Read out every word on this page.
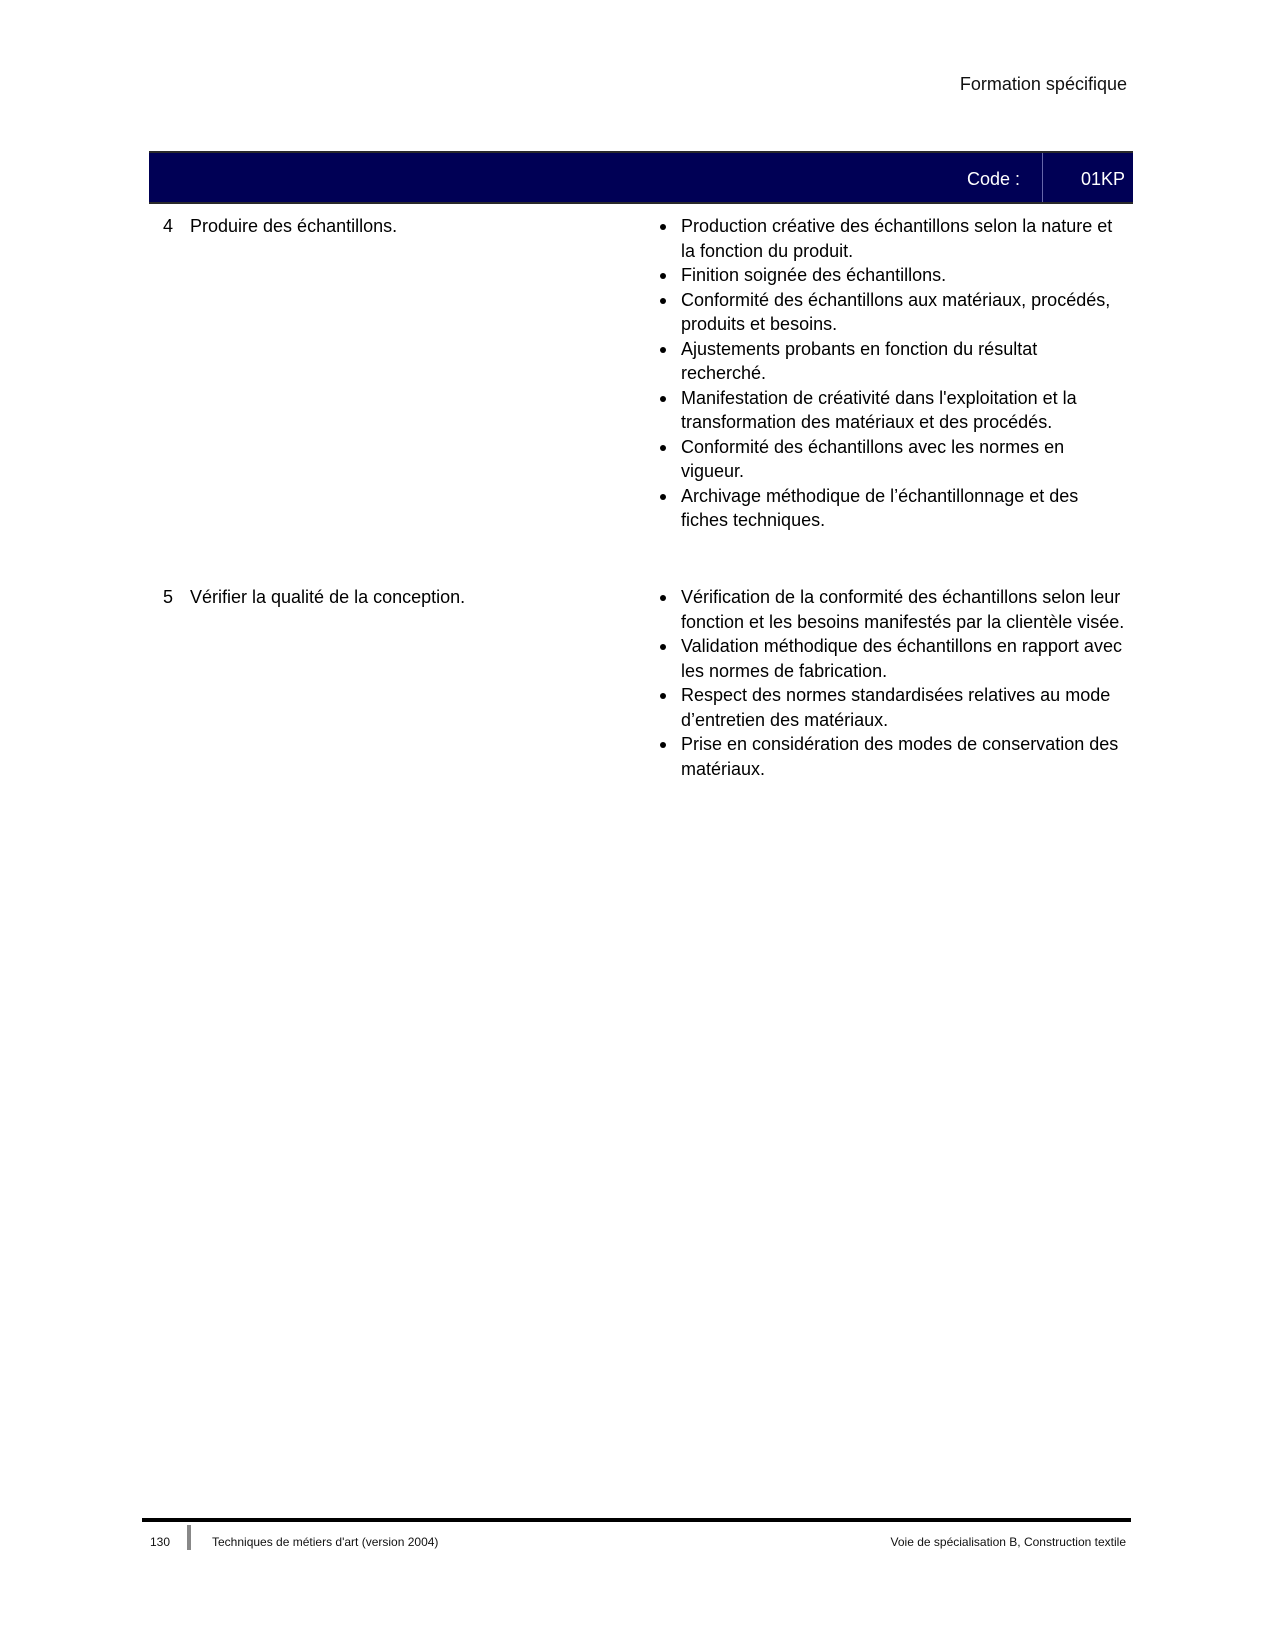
Formation spécifique
Code :	01KP
4 Produire des échantillons.	Production créative des échantillons selon la nature et la fonction du produit.
Finition soignée des échantillons.
Conformité des échantillons aux matériaux, procédés, produits et besoins.
Ajustements probants en fonction du résultat recherché.
Manifestation de créativité dans l'exploitation et la transformation des matériaux et des procédés.
Conformité des échantillons avec les normes en vigueur.
Archivage méthodique de l’échantillonnage et des fiches techniques.
5 Vérifier la qualité de la conception.	Vérification de la conformité des échantillons selon leur fonction et les besoins manifestés par la clientèle visée.
Validation méthodique des échantillons en rapport avec les normes de fabrication.
Respect des normes standardisées relatives au mode d’entretien des matériaux.
Prise en considération des modes de conservation des matériaux.
130	Techniques de métiers d'art (version 2004)	Voie de spécialisation B, Construction textile
